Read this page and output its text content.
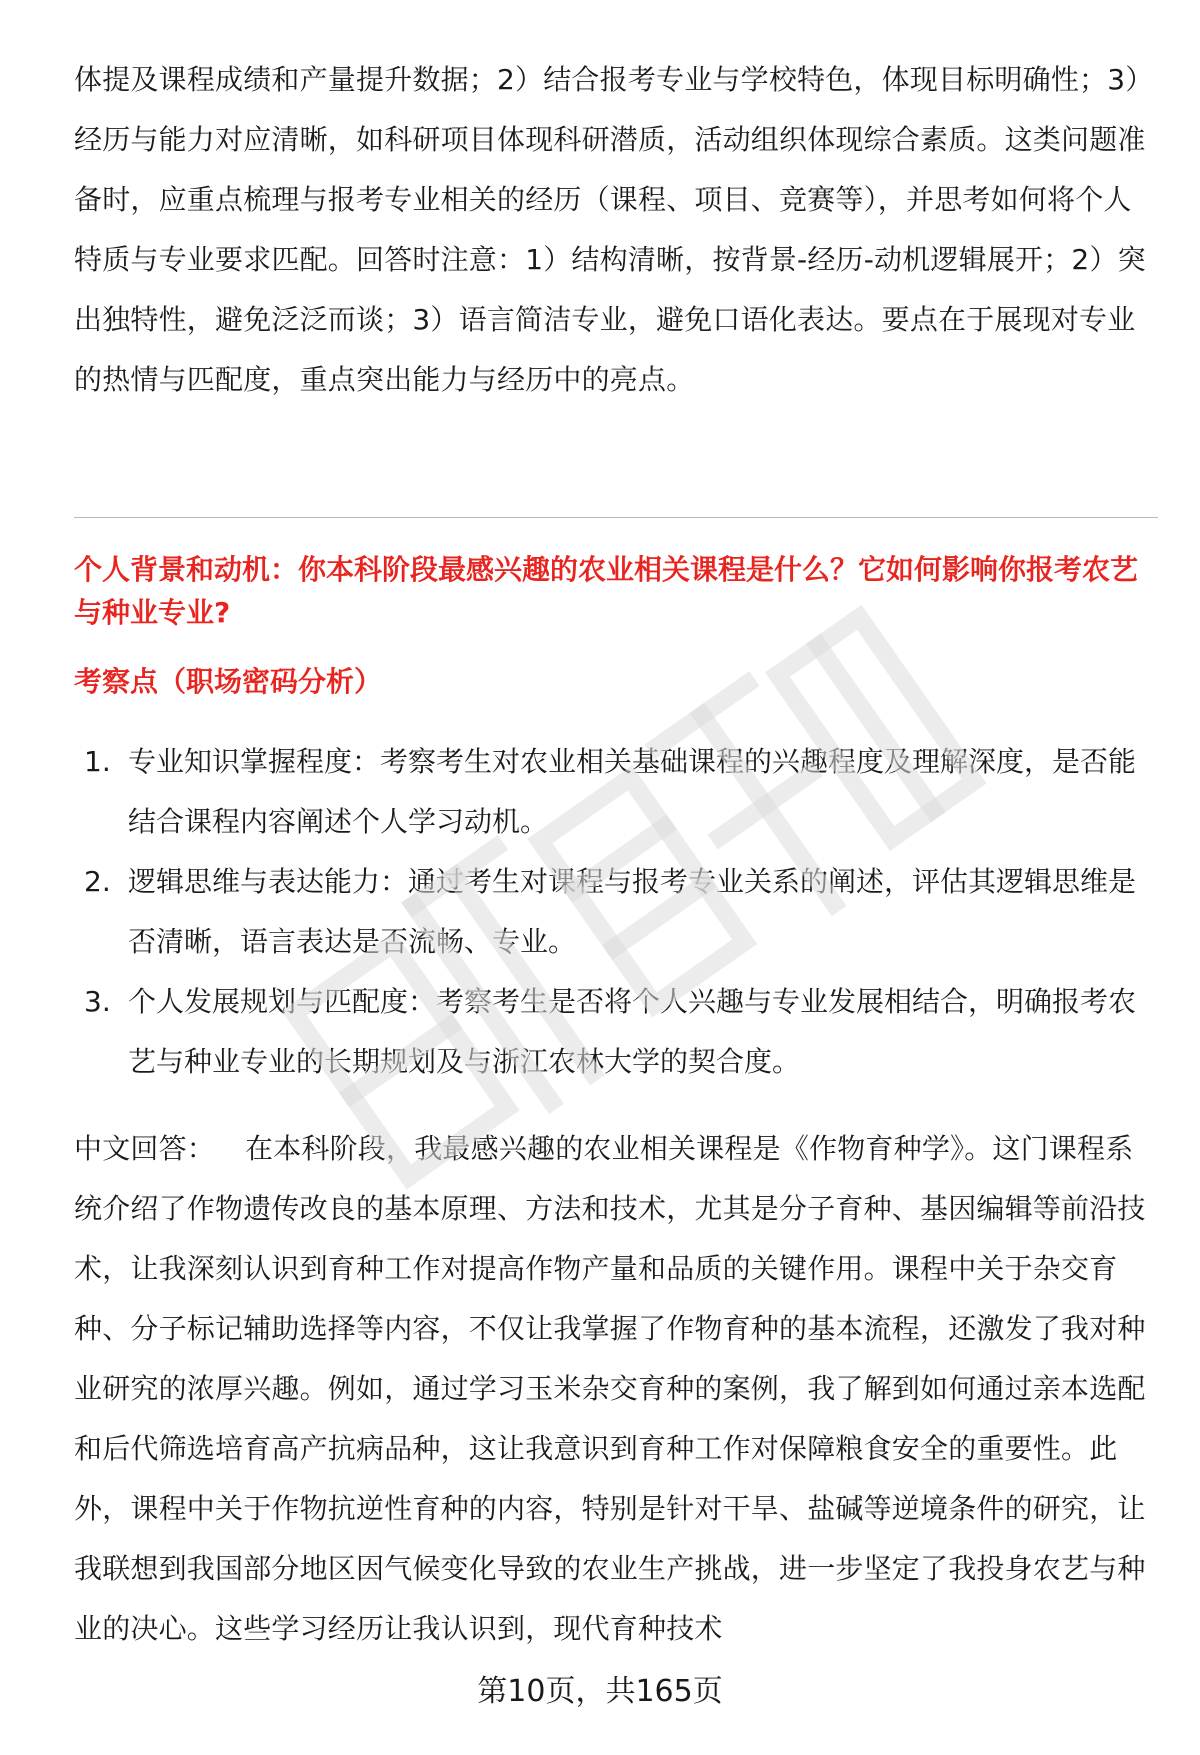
体提及课程成绩和产量提升数据；2）结合报考专业与学校特色，体现目标明确性；3）经历与能力对应清晰，如科研项目体现科研潜质，活动组织体现综合素质。这类问题准备时，应重点梳理与报考专业相关的经历（课程、项目、竞赛等），并思考如何将个人特质与专业要求匹配。回答时注意：1）结构清晰，按背景-经历-动机逻辑展开；2）突出独特性，避免泛泛而谈；3）语言简洁专业，避免口语化表达。要点在于展现对专业的热情与匹配度，重点突出能力与经历中的亮点。

个人背景和动机：你本科阶段最感兴趣的农业相关课程是什么？它如何影响你报考农艺与种业专业?

考察点（职场密码分析）

1. 专业知识掌握程度：考察考生对农业相关基础课程的兴趣程度及理解深度，是否能结合课程内容阐述个人学习动机。
2. 逻辑思维与表达能力：通过考生对课程与报考专业关系的阐述，评估其逻辑思维是否清晰，语言表达是否流畅、专业。
3. 个人发展规划与匹配度：考察考生是否将个人兴趣与专业发展相结合，明确报考农艺与种业专业的长期规划及与浙江农林大学的契合度。

中文回答： 在本科阶段，我最感兴趣的农业相关课程是《作物育种学》。这门课程系统介绍了作物遗传改良的基本原理、方法和技术，尤其是分子育种、基因编辑等前沿技术，让我深刻认识到育种工作对提高作物产量和品质的关键作用。课程中关于杂交育种、分子标记辅助选择等内容，不仅让我掌握了作物育种的基本流程，还激发了我对种业研究的浓厚兴趣。例如，通过学习玉米杂交育种的案例，我了解到如何通过亲本选配和后代筛选培育高产抗病品种，这让我意识到育种工作对保障粮食安全的重要性。此外，课程中关于作物抗逆性育种的内容，特别是针对干旱、盐碱等逆境条件的研究，让我联想到我国部分地区因气候变化导致的农业生产挑战，进一步坚定了我投身农艺与种业的决心。这些学习经历让我认识到，现代育种技术

第10页，共165页
